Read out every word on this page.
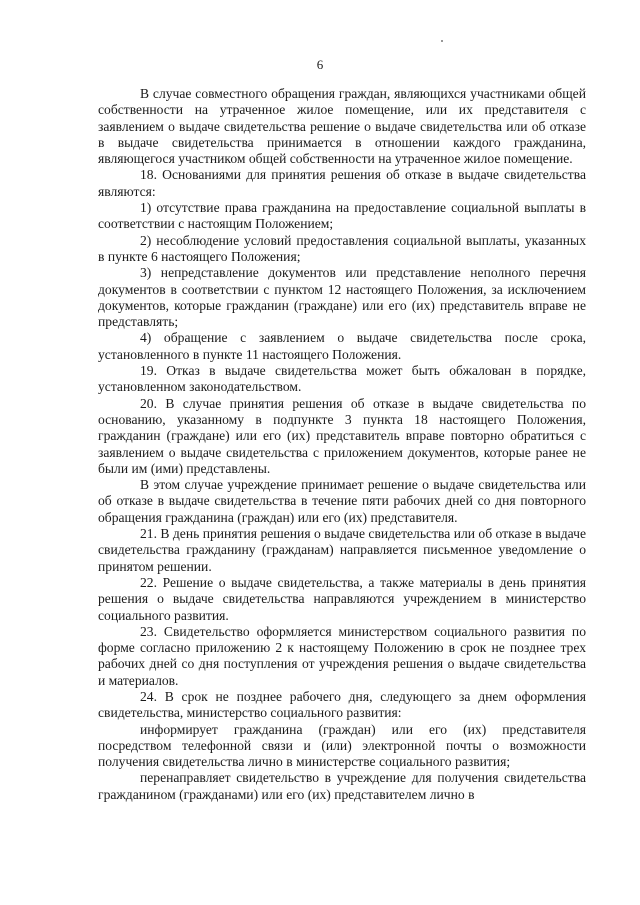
6

В случае совместного обращения граждан, являющихся участниками общей собственности на утраченное жилое помещение, или их представителя с заявлением о выдаче свидетельства решение о выдаче свидетельства или об отказе в выдаче свидетельства принимается в отношении каждого гражданина, являющегося участником общей собственности на утраченное жилое помещение.

18. Основаниями для принятия решения об отказе в выдаче свидетельства являются:

1) отсутствие права гражданина на предоставление социальной выплаты в соответствии с настоящим Положением;

2) несоблюдение условий предоставления социальной выплаты, указанных в пункте 6 настоящего Положения;

3) непредставление документов или представление неполного перечня документов в соответствии с пунктом 12 настоящего Положения, за исключением документов, которые гражданин (граждане) или его (их) представитель вправе не представлять;

4) обращение с заявлением о выдаче свидетельства после срока, установленного в пункте 11 настоящего Положения.

19. Отказ в выдаче свидетельства может быть обжалован в порядке, установленном законодательством.

20. В случае принятия решения об отказе в выдаче свидетельства по основанию, указанному в подпункте 3 пункта 18 настоящего Положения, гражданин (граждане) или его (их) представитель вправе повторно обратиться с заявлением о выдаче свидетельства с приложением документов, которые ранее не были им (ими) представлены.

В этом случае учреждение принимает решение о выдаче свидетельства или об отказе в выдаче свидетельства в течение пяти рабочих дней со дня повторного обращения гражданина (граждан) или его (их) представителя.

21. В день принятия решения о выдаче свидетельства или об отказе в выдаче свидетельства гражданину (гражданам) направляется письменное уведомление о принятом решении.

22. Решение о выдаче свидетельства, а также материалы в день принятия решения о выдаче свидетельства направляются учреждением в министерство социального развития.

23. Свидетельство оформляется министерством социального развития по форме согласно приложению 2 к настоящему Положению в срок не позднее трех рабочих дней со дня поступления от учреждения решения о выдаче свидетельства и материалов.

24. В срок не позднее рабочего дня, следующего за днем оформления свидетельства, министерство социального развития:

информирует гражданина (граждан) или его (их) представителя посредством телефонной связи и (или) электронной почты о возможности получения свидетельства лично в министерстве социального развития;

перенаправляет свидетельство в учреждение для получения свидетельства гражданином (гражданами) или его (их) представителем лично в
